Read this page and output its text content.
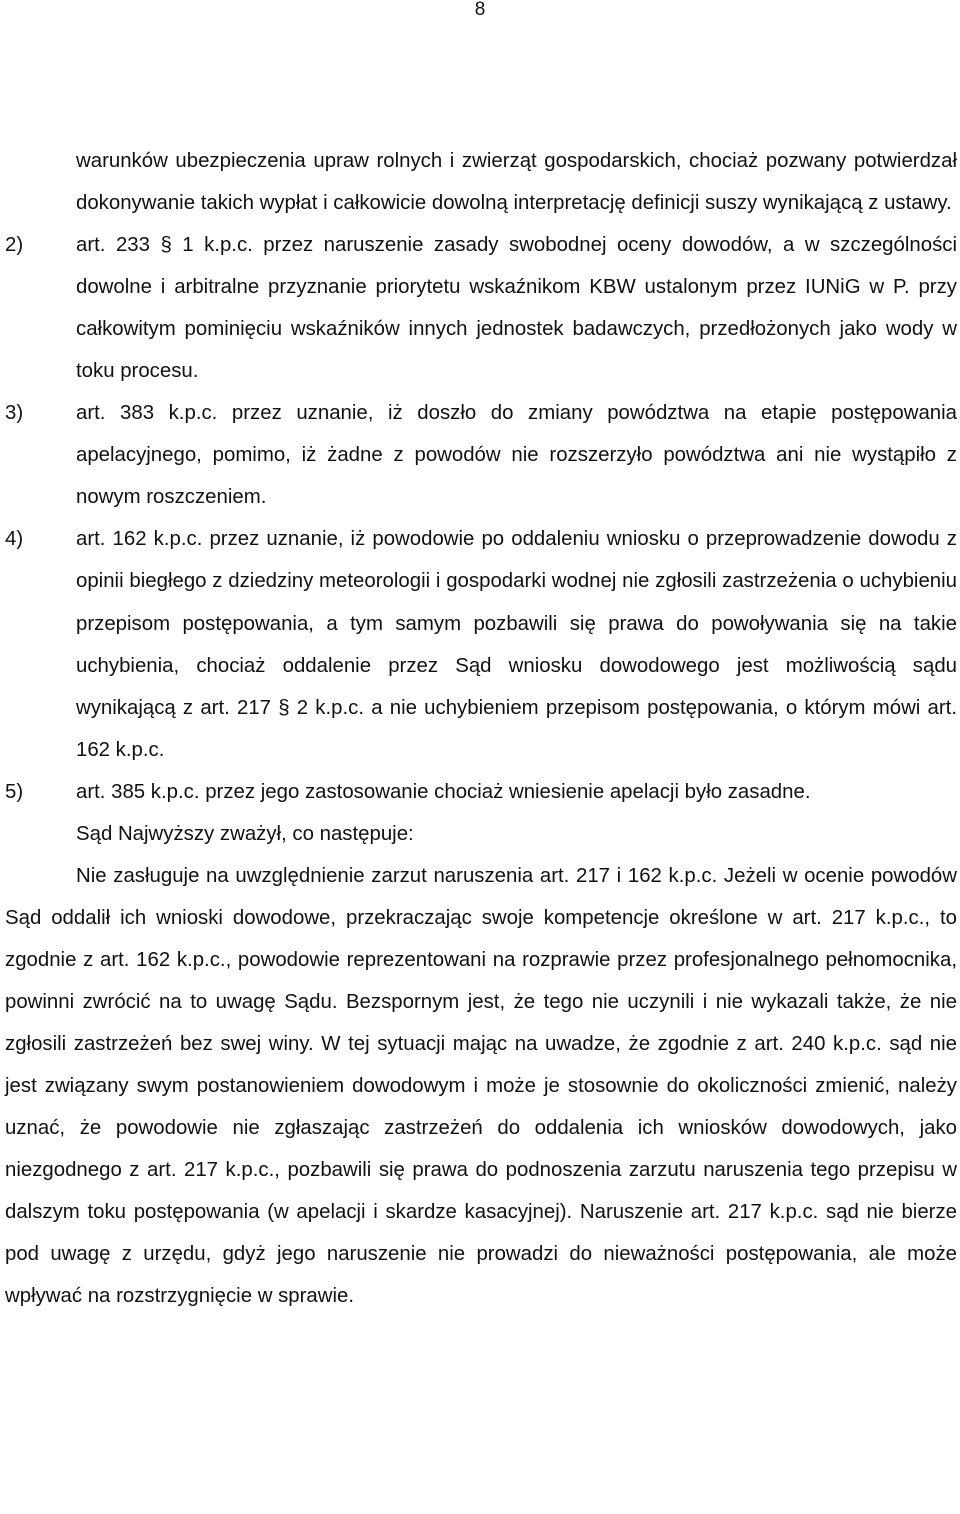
8

warunków ubezpieczenia upraw rolnych i zwierząt gospodarskich, chociaż pozwany potwierdzał dokonywanie takich wypłat i całkowicie dowolną interpretację definicji suszy wynikającą z ustawy.

2)	art. 233 § 1 k.p.c. przez naruszenie zasady swobodnej oceny dowodów, a w szczególności dowolne i arbitralne przyznanie priorytetu wskaźnikom KBW ustalonym przez IUNiG w P. przy całkowitym pominięciu wskaźników innych jednostek badawczych, przedłożonych jako wody w toku procesu.
3)	art. 383 k.p.c. przez uznanie, iż doszło do zmiany powództwa na etapie postępowania apelacyjnego, pomimo, iż żadne z powodów nie rozszerzyło powództwa ani nie wystąpiło z nowym roszczeniem.
4)	art. 162 k.p.c. przez uznanie, iż powodowie po oddaleniu wniosku o przeprowadzenie dowodu z opinii biegłego z dziedziny meteorologii i gospodarki wodnej nie zgłosili zastrzeżenia o uchybieniu przepisom postępowania, a tym samym pozbawili się prawa do powoływania się na takie uchybienia, chociaż oddalenie przez Sąd wniosku dowodowego jest możliwością sądu wynikającą z art. 217 § 2 k.p.c. a nie uchybieniem przepisom postępowania, o którym mówi art. 162 k.p.c.
5)	art. 385 k.p.c. przez jego zastosowanie chociaż wniesienie apelacji było zasadne.

Sąd Najwyższy zważył, co następuje:

Nie zasługuje na uwzględnienie zarzut naruszenia art. 217 i 162 k.p.c. Jeżeli w ocenie powodów Sąd oddalił ich wnioski dowodowe, przekraczając swoje kompetencje określone w art. 217 k.p.c., to zgodnie z art. 162 k.p.c., powodowie reprezentowani na rozprawie przez profesjonalnego pełnomocnika, powinni zwrócić na to uwagę Sądu. Bezspornym jest, że tego nie uczynili i nie wykazali także, że nie zgłosili zastrzeżeń bez swej winy. W tej sytuacji mając na uwadze, że zgodnie z art. 240 k.p.c. sąd nie jest związany swym postanowieniem dowodowym i może je stosownie do okoliczności zmienić, należy uznać, że powodowie nie zgłaszając zastrzeżeń do oddalenia ich wniosków dowodowych, jako niezgodnego z art. 217 k.p.c., pozbawili się prawa do podnoszenia zarzutu naruszenia tego przepisu w dalszym toku postępowania (w apelacji i skardze kasacyjnej). Naruszenie art. 217 k.p.c. sąd nie bierze pod uwagę z urzędu, gdyż jego naruszenie nie prowadzi do nieważności postępowania, ale może wpływać na rozstrzygnięcie w sprawie.
